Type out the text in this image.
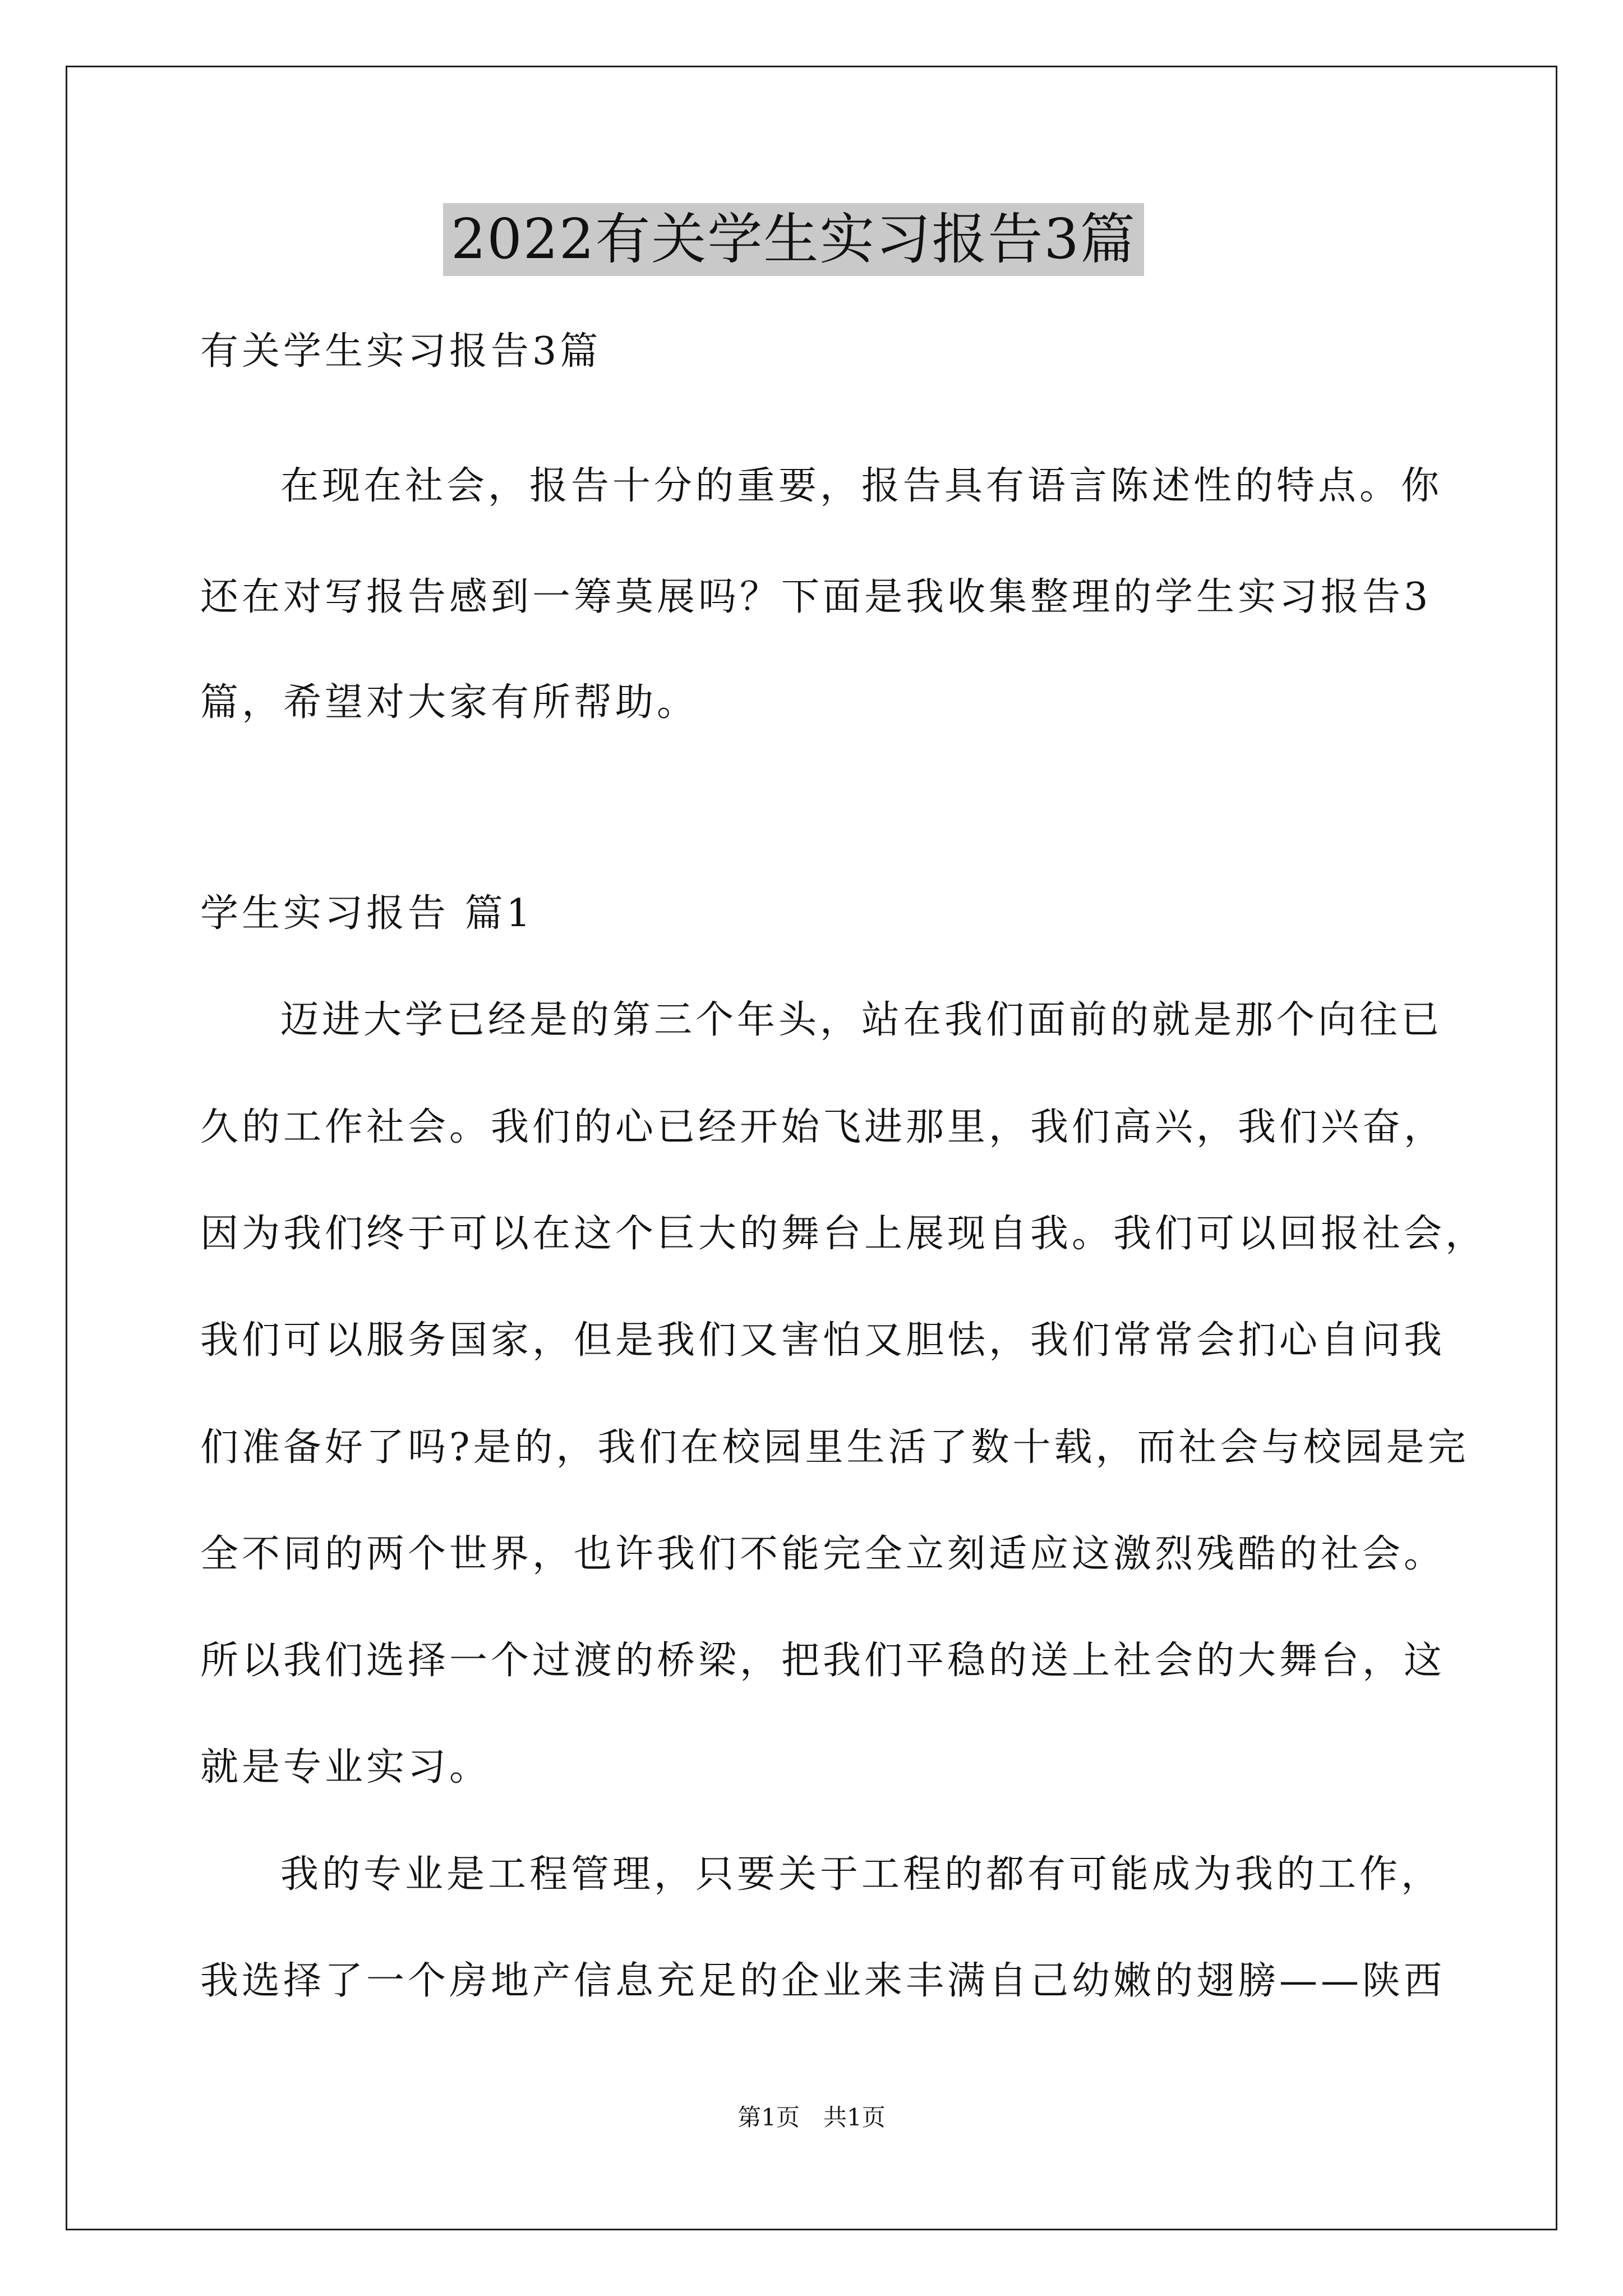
2022有关学生实习报告3篇
有关学生实习报告3篇
在现在社会，报告十分的重要，报告具有语言陈述性的特点。你
还在对写报告感到一筹莫展吗？下面是我收集整理的学生实习报告3
篇，希望对大家有所帮助。
学生实习报告 篇1
迈进大学已经是的第三个年头，站在我们面前的就是那个向往已
久的工作社会。我们的心已经开始飞进那里，我们高兴，我们兴奋，
因为我们终于可以在这个巨大的舞台上展现自我。我们可以回报社会，
我们可以服务国家，但是我们又害怕又胆怯，我们常常会扪心自问我
们准备好了吗?是的，我们在校园里生活了数十载，而社会与校园是完
全不同的两个世界，也许我们不能完全立刻适应这激烈残酷的社会。
所以我们选择一个过渡的桥梁，把我们平稳的送上社会的大舞台，这
就是专业实习。
我的专业是工程管理，只要关于工程的都有可能成为我的工作，
我选择了一个房地产信息充足的企业来丰满自己幼嫩的翅膀——陕西
第1页　共1页
